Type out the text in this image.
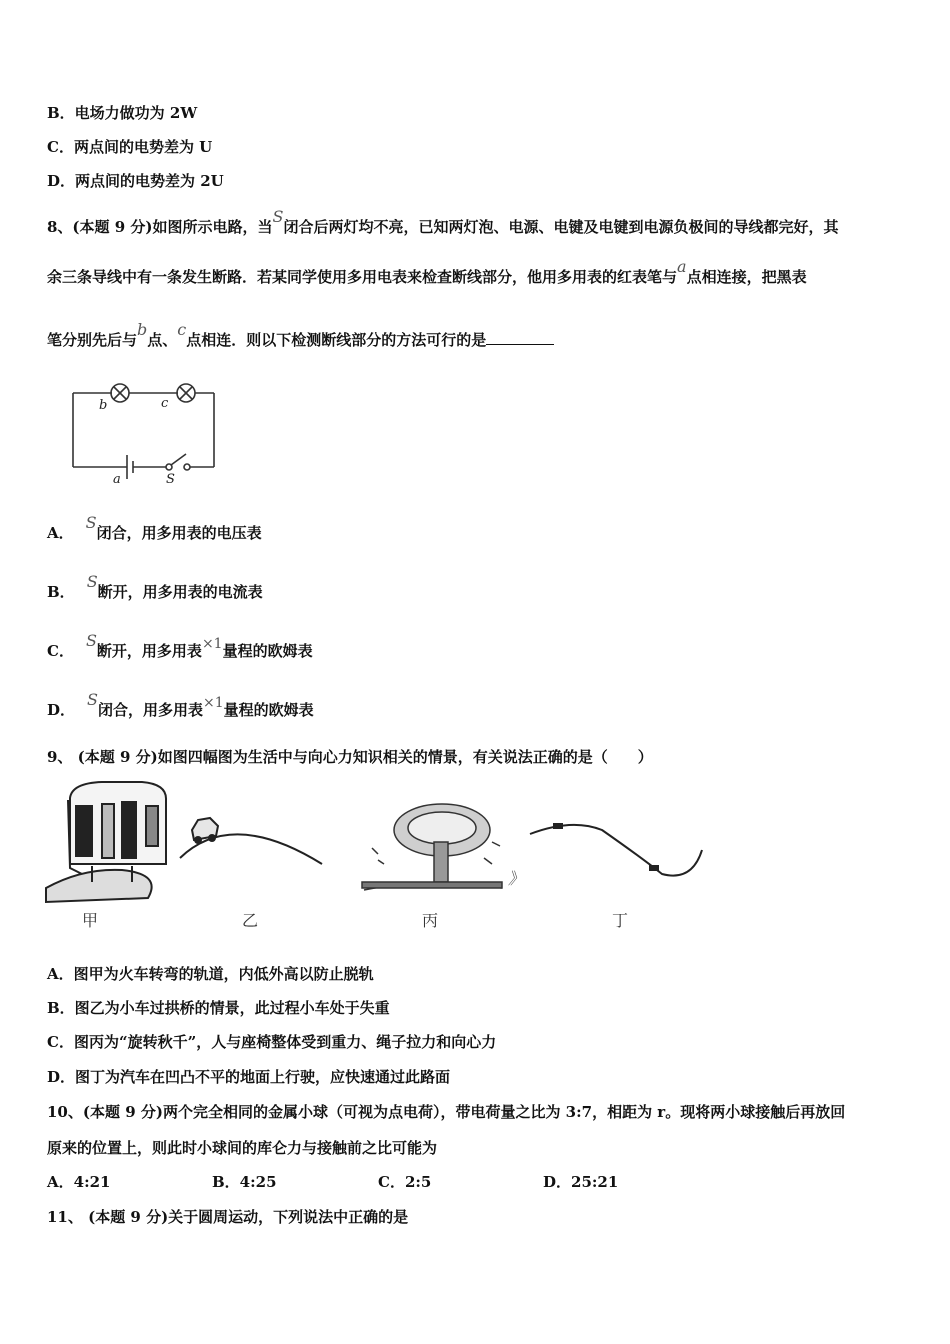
B．电场力做功为 2W
C．两点间的电势差为 U
D．两点间的电势差为 2U
8、(本题 9 分)如图所示电路，当S闭合后两灯均不亮，已知两灯泡、电源、电键及电键到电源负极间的导线都完好，其
余三条导线中有一条发生断路．若某同学使用多用电表来检查断线部分，他用多用表的红表笔与a点相连接，把黑表
笔分别先后与b点、c点相连．则以下检测断线部分的方法可行的是
b	c
a	S
A．S闭合，用多用表的电压表
B．S断开，用多用表的电流表
C．S断开，用多用表×1量程的欧姆表
D．S闭合，用多用表×1量程的欧姆表
9、 (本题 9 分)如图四幅图为生活中与向心力知识相关的情景，有关说法正确的是（　　）
》
甲	乙	丙	丁
A．图甲为火车转弯的轨道，内低外高以防止脱轨
B．图乙为小车过拱桥的情景，此过程小车处于失重
C．图丙为“旋转秋千”，人与座椅整体受到重力、绳子拉力和向心力
D．图丁为汽车在凹凸不平的地面上行驶，应快速通过此路面
10、(本题 9 分)两个完全相同的金属小球（可视为点电荷），带电荷量之比为 3:7，相距为 r。现将两小球接触后再放回
原来的位置上，则此时小球间的库仑力与接触前之比可能为
A．4:21	B．4:25	C．2:5	D．25:21
11、 (本题 9 分)关于圆周运动，下列说法中正确的是
